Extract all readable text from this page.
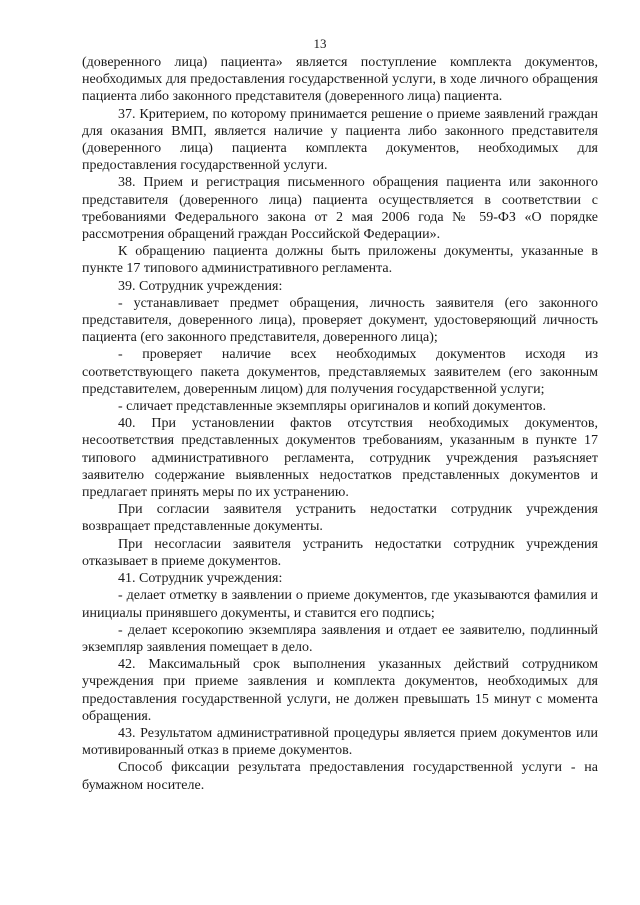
13

(доверенного лица) пациента» является поступление комплекта документов, необходимых для предоставления государственной услуги, в ходе личного обращения пациента либо законного представителя (доверенного лица) пациента.

37. Критерием, по которому принимается решение о приеме заявлений граждан для оказания ВМП, является наличие у пациента либо законного представителя (доверенного лица) пациента комплекта документов, необходимых для предоставления государственной услуги.

38. Прием и регистрация письменного обращения пациента или законного представителя (доверенного лица) пациента осуществляется в соответствии с требованиями Федерального закона от 2 мая 2006 года № 59-ФЗ «О порядке рассмотрения обращений граждан Российской Федерации».

К обращению пациента должны быть приложены документы, указанные в пункте 17 типового административного регламента.

39. Сотрудник учреждения:

- устанавливает предмет обращения, личность заявителя (его законного представителя, доверенного лица), проверяет документ, удостоверяющий личность пациента (его законного представителя, доверенного лица);

- проверяет наличие всех необходимых документов исходя из соответствующего пакета документов, представляемых заявителем (его законным представителем, доверенным лицом) для получения государственной услуги;

- сличает представленные экземпляры оригиналов и копий документов.

40. При установлении фактов отсутствия необходимых документов, несоответствия представленных документов требованиям, указанным в пункте 17 типового административного регламента, сотрудник учреждения разъясняет заявителю содержание выявленных недостатков представленных документов и предлагает принять меры по их устранению.

При согласии заявителя устранить недостатки сотрудник учреждения возвращает представленные документы.

При несогласии заявителя устранить недостатки сотрудник учреждения отказывает в приеме документов.

41. Сотрудник учреждения:

- делает отметку в заявлении о приеме документов, где указываются фамилия и инициалы принявшего документы, и ставится его подпись;

- делает ксерокопию экземпляра заявления и отдает ее заявителю, подлинный экземпляр заявления помещает в дело.

42. Максимальный срок выполнения указанных действий сотрудником учреждения при приеме заявления и комплекта документов, необходимых для предоставления государственной услуги, не должен превышать 15 минут с момента обращения.

43. Результатом административной процедуры является прием документов или мотивированный отказ в приеме документов.

Способ фиксации результата предоставления государственной услуги - на бумажном носителе.
